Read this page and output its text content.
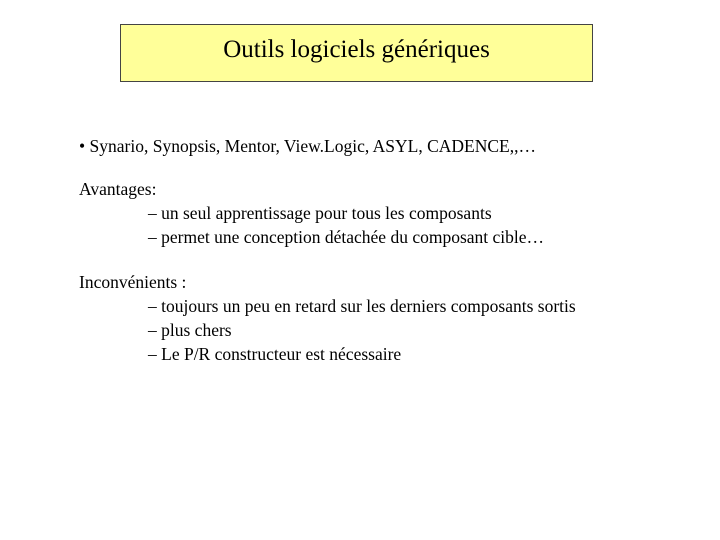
Outils logiciels génériques
• Synario, Synopsis, Mentor, View.Logic, ASYL, CADENCE,,…
Avantages:
– un seul apprentissage pour tous les composants
– permet une conception détachée du composant cible…
Inconvénients :
– toujours un peu en retard sur les derniers composants sortis
– plus chers
– Le P/R constructeur est nécessaire
